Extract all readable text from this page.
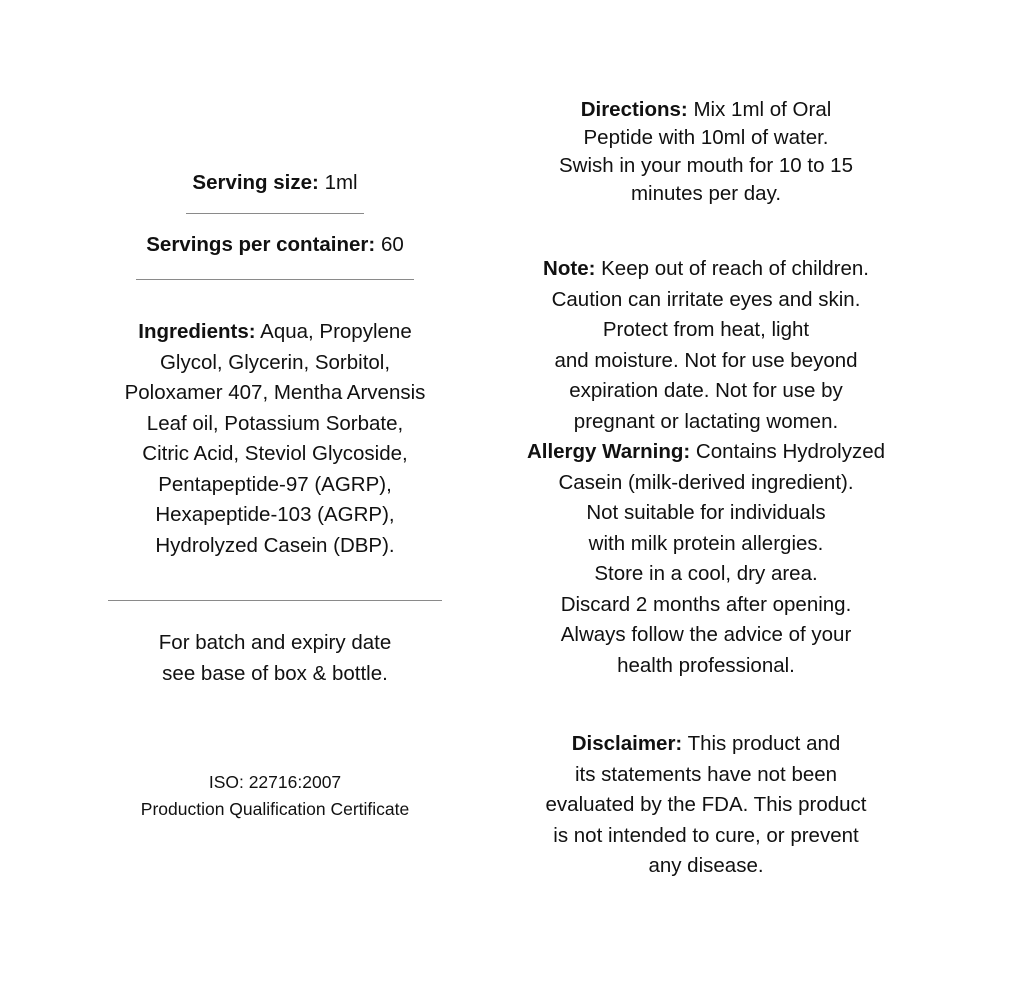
Serving size: 1ml
Servings per container: 60
Ingredients: Aqua, Propylene
Glycol, Glycerin, Sorbitol,
Poloxamer 407, Mentha Arvensis
Leaf oil, Potassium Sorbate,
Citric Acid, Steviol Glycoside,
Pentapeptide-97 (AGRP),
Hexapeptide-103 (AGRP),
Hydrolyzed Casein (DBP).
For batch and expiry date
see base of box & bottle.
ISO: 22716:2007
Production Qualification Certificate
Directions: Mix 1ml of Oral
Peptide with 10ml of water.
Swish in your mouth for 10 to 15
minutes per day.
Note: Keep out of reach of children.
Caution can irritate eyes and skin.
Protect from heat, light
and moisture. Not for use beyond
expiration date. Not for use by
pregnant or lactating women.
Allergy Warning: Contains Hydrolyzed
Casein (milk-derived ingredient).
Not suitable for individuals
with milk protein allergies.
Store in a cool, dry area.
Discard 2 months after opening.
Always follow the advice of your
health professional.
Disclaimer: This product and
its statements have not been
evaluated by the FDA. This product
is not intended to cure, or prevent
any disease.
